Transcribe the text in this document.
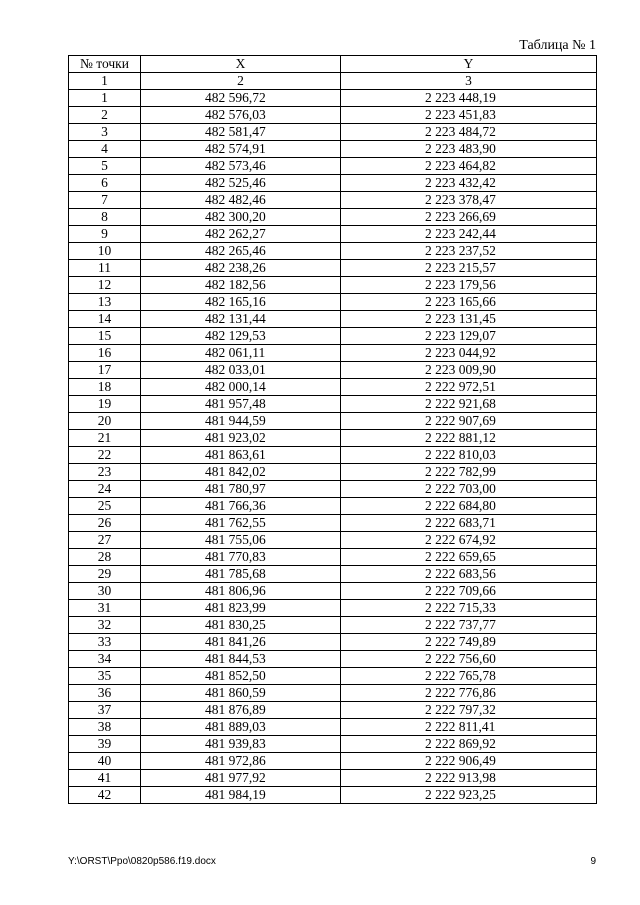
Таблица № 1
№ точки	X	Y
1	2	3
1	482 596,72	2 223 448,19
2	482 576,03	2 223 451,83
3	482 581,47	2 223 484,72
4	482 574,91	2 223 483,90
5	482 573,46	2 223 464,82
6	482 525,46	2 223 432,42
7	482 482,46	2 223 378,47
8	482 300,20	2 223 266,69
9	482 262,27	2 223 242,44
10	482 265,46	2 223 237,52
11	482 238,26	2 223 215,57
12	482 182,56	2 223 179,56
13	482 165,16	2 223 165,66
14	482 131,44	2 223 131,45
15	482 129,53	2 223 129,07
16	482 061,11	2 223 044,92
17	482 033,01	2 223 009,90
18	482 000,14	2 222 972,51
19	481 957,48	2 222 921,68
20	481 944,59	2 222 907,69
21	481 923,02	2 222 881,12
22	481 863,61	2 222 810,03
23	481 842,02	2 222 782,99
24	481 780,97	2 222 703,00
25	481 766,36	2 222 684,80
26	481 762,55	2 222 683,71
27	481 755,06	2 222 674,92
28	481 770,83	2 222 659,65
29	481 785,68	2 222 683,56
30	481 806,96	2 222 709,66
31	481 823,99	2 222 715,33
32	481 830,25	2 222 737,77
33	481 841,26	2 222 749,89
34	481 844,53	2 222 756,60
35	481 852,50	2 222 765,78
36	481 860,59	2 222 776,86
37	481 876,89	2 222 797,32
38	481 889,03	2 222 811,41
39	481 939,83	2 222 869,92
40	481 972,86	2 222 906,49
41	481 977,92	2 222 913,98
42	481 984,19	2 222 923,25
Y:\ORST\Ppo\0820p586.f19.docx	9
